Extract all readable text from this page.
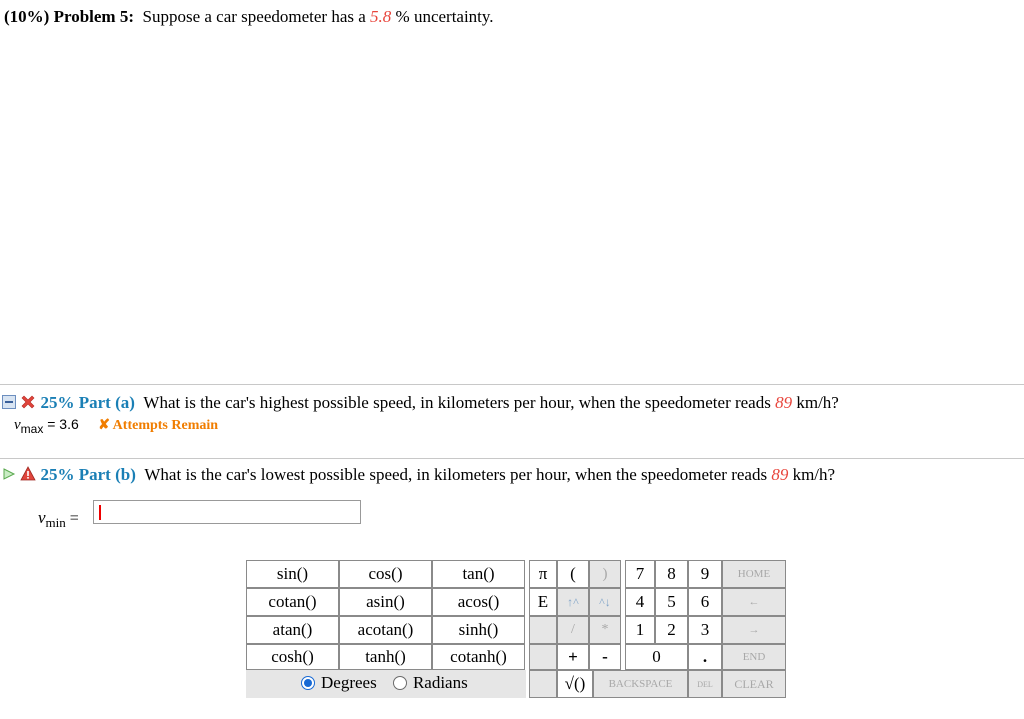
(10%) Problem 5: Suppose a car speedometer has a 5.8 % uncertainty.
25% Part (a) What is the car's highest possible speed, in kilometers per hour, when the speedometer reads 89 km/h?
$v_{max} = 3.6$ ✘ Attempts Remain
25% Part (b) What is the car's lowest possible speed, in kilometers per hour, when the speedometer reads 89 km/h?
$v_{min}$ =
sin()	cos()	tan()
cotan()	asin()	acos()
atan()	acotan()	sinh()
cosh()	tanh()	cotanh()
Degrees
Radians
π	(	)
E	↑^	^↓
/	*
+	-
√()
7	8	9
4	5	6
1	2	3
0	.
HOME
←
→
END
BACKSPACE	DEL	CLEAR
